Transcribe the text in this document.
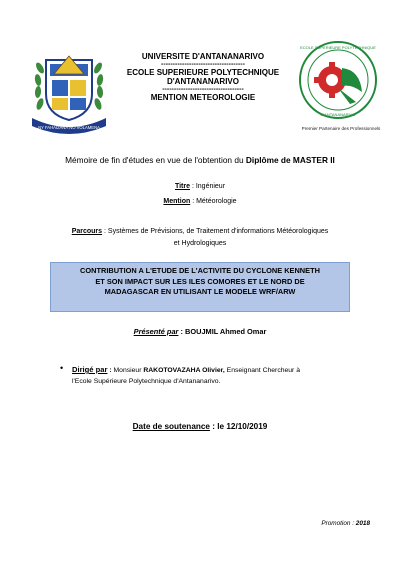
NY FAHAIZANA NO VOLAMENA
UNIVERSITE D'ANTANANARIVO
------------------------------------
ECOLE SUPERIEURE POLYTECHNIQUE
D'ANTANANARIVO
-----------------------------------
MENTION METEOROLOGIE
ECOLE SUPERIEURE POLYTECHNIQUE
D'ANTANANARIVO
Premier Partenaire des Professionnels
Mémoire de fin d'études en vue de l'obtention du Diplôme de MASTER II
Titre : Ingénieur
Mention : Météorologie
Parcours : Systèmes de Prévisions, de Traitement d'informations Météorologiques
et Hydrologiques
CONTRIBUTION A L'ETUDE DE L'ACTIVITE DU CYCLONE KENNETH
ET SON IMPACT SUR LES ILES COMORES ET LE NORD DE
MADAGASCAR EN UTILISANT LE MODELE WRF/ARW
Présenté par : BOUJMIL Ahmed Omar
• Dirigé par : Monsieur RAKOTOVAZAHA Olivier, Enseignant Chercheur à
l'Ecole Supérieure Polytechnique d'Antananarivo.
Date de soutenance : le 12/10/2019
Promotion : 2018
